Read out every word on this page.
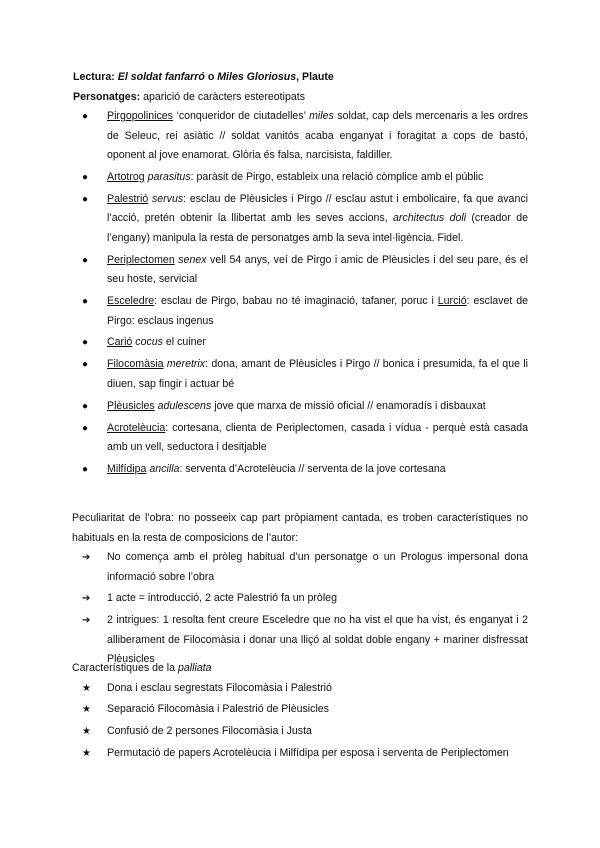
Lectura: El soldat fanfarró o Miles Gloriosus, Plaute
Personatges: aparició de caràcters estereotipats
● Pirgopolinices ‘conqueridor de ciutadelles’ miles soldat, cap dels mercenaris a les ordres de Seleuc, rei asiàtic // soldat vanitós acaba enganyat i foragitat a cops de bastó, oponent al jove enamorat. Glòria és falsa, narcisista, faldiller.
● Artotrog parasitus: paràsit de Pirgo, estableix una relació còmplice amb el públic
● Palestrió servus: esclau de Plèusicles i Pirgo // esclau astut i embolicaire, fa que avanci l’acció, pretén obtenir la llibertat amb les seves accions, architectus doli (creador de l’engany) manipula la resta de personatges amb la seva intel·ligència. Fidel.
● Periplectomen senex vell 54 anys, veí de Pirgo i amic de Plèusicles i del seu pare, és el seu hoste, servicial
● Esceledre: esclau de Pirgo, babau no té imaginació, tafaner, poruc i Lurció: esclavet de Pirgo: esclaus ingenus
● Carió cocus el cuiner
● Filocomàsia meretrix: dona, amant de Plèusicles i Pirgo // bonica i presumida, fa el que li diuen, sap fingir i actuar bé
● Plèusicles adulescens jove que marxa de missió oficial // enamoradís i disbauxat
● Acrotelèucia: cortesana, clienta de Periplectomen, casada i vídua - perquè està casada amb un vell, seductora i desitjable
● Milfídipa ancilla: serventa d’Acrotelèucia // serventa de la jove cortesana
Peculiaritat de l’obra: no posseeix cap part pròpiament cantada, es troben característiques no habituals en la resta de composicions de l’autor:
➔ No comença amb el pròleg habitual d’un personatge o un Prologus impersonal dona informació sobre l’obra
➔ 1 acte = introducció, 2 acte Palestrió fa un pròleg
➔ 2 intrigues: 1 resolta fent creure Esceledre que no ha vist el que ha vist, és enganyat i 2 alliberament de Filocomàsia i donar una lliçó al soldat doble engany + mariner disfressat Plèusicles
Característiques de la palliata
★ Dona i esclau segrestats Filocomàsia i Palestrió
★ Separació Filocomàsia i Palestrió de Plèusicles
★ Confusió de 2 persones Filocomàsia i Justa
★ Permutació de papers Acrotelèucia i Milfídipa per esposa i serventa de Periplectomen
